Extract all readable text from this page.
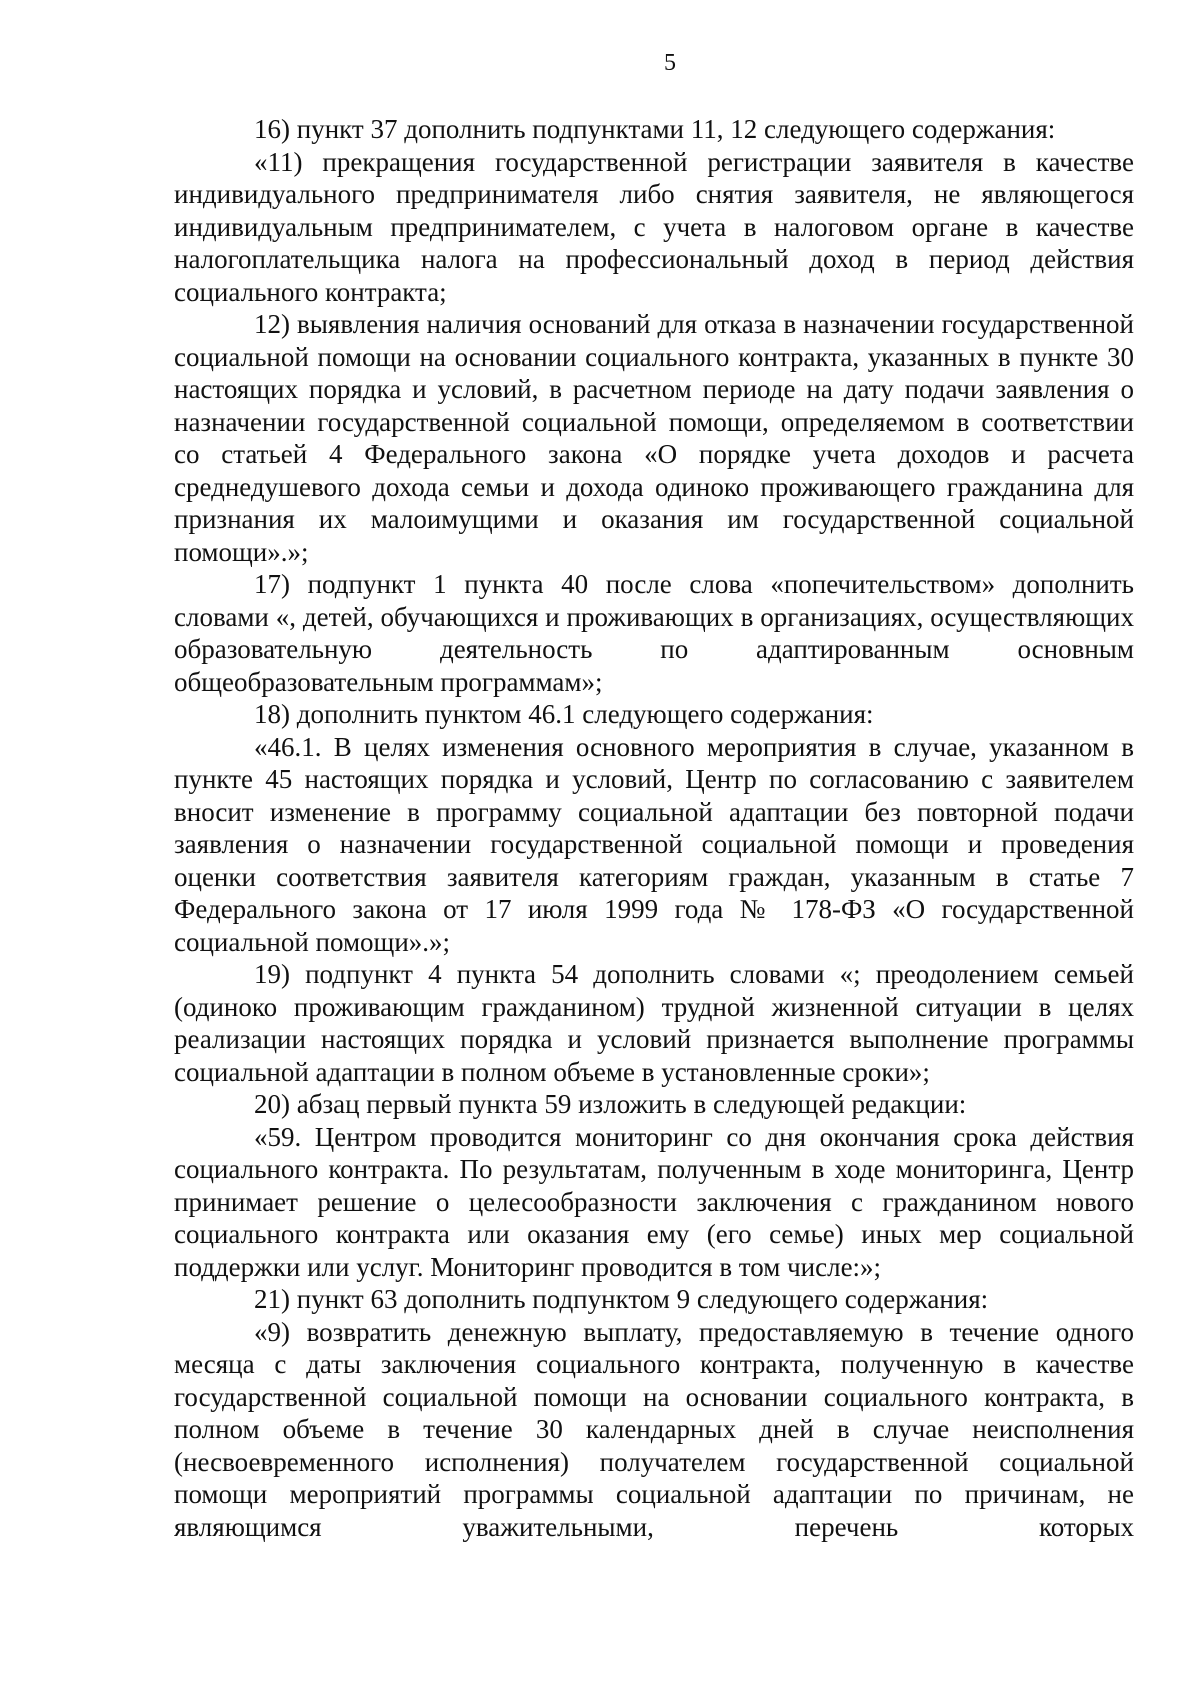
5

16) пункт 37 дополнить подпунктами 11, 12 следующего содержания:

«11) прекращения государственной регистрации заявителя в качестве индивидуального предпринимателя либо снятия заявителя, не являющегося индивидуальным предпринимателем, с учета в налоговом органе в качестве налогоплательщика налога на профессиональный доход в период действия социального контракта;

12) выявления наличия оснований для отказа в назначении государственной социальной помощи на основании социального контракта, указанных в пункте 30 настоящих порядка и условий, в расчетном периоде на дату подачи заявления о назначении государственной социальной помощи, определяемом в соответствии со статьей 4 Федерального закона «О порядке учета доходов и расчета среднедушевого дохода семьи и дохода одиноко проживающего гражданина для признания их малоимущими и оказания им государственной социальной помощи».»;

17) подпункт 1 пункта 40 после слова «попечительством» дополнить словами «, детей, обучающихся и проживающих в организациях, осуществляющих образовательную деятельность по адаптированным основным общеобразовательным программам»;

18) дополнить пунктом 46.1 следующего содержания:

«46.1. В целях изменения основного мероприятия в случае, указанном в пункте 45 настоящих порядка и условий, Центр по согласованию с заявителем вносит изменение в программу социальной адаптации без повторной подачи заявления о назначении государственной социальной помощи и проведения оценки соответствия заявителя категориям граждан, указанным в статье 7 Федерального закона от 17 июля 1999 года № 178-ФЗ «О государственной социальной помощи».»;

19) подпункт 4 пункта 54 дополнить словами «; преодолением семьей (одиноко проживающим гражданином) трудной жизненной ситуации в целях реализации настоящих порядка и условий признается выполнение программы социальной адаптации в полном объеме в установленные сроки»;

20) абзац первый пункта 59 изложить в следующей редакции:

«59. Центром проводится мониторинг со дня окончания срока действия социального контракта. По результатам, полученным в ходе мониторинга, Центр принимает решение о целесообразности заключения с гражданином нового социального контракта или оказания ему (его семье) иных мер социальной поддержки или услуг. Мониторинг проводится в том числе:»;

21) пункт 63 дополнить подпунктом 9 следующего содержания:

«9) возвратить денежную выплату, предоставляемую в течение одного месяца с даты заключения социального контракта, полученную в качестве государственной социальной помощи на основании социального контракта, в полном объеме в течение 30 календарных дней в случае неисполнения (несвоевременного исполнения) получателем государственной социальной помощи мероприятий программы социальной адаптации по причинам, не являющимся уважительными, перечень которых
